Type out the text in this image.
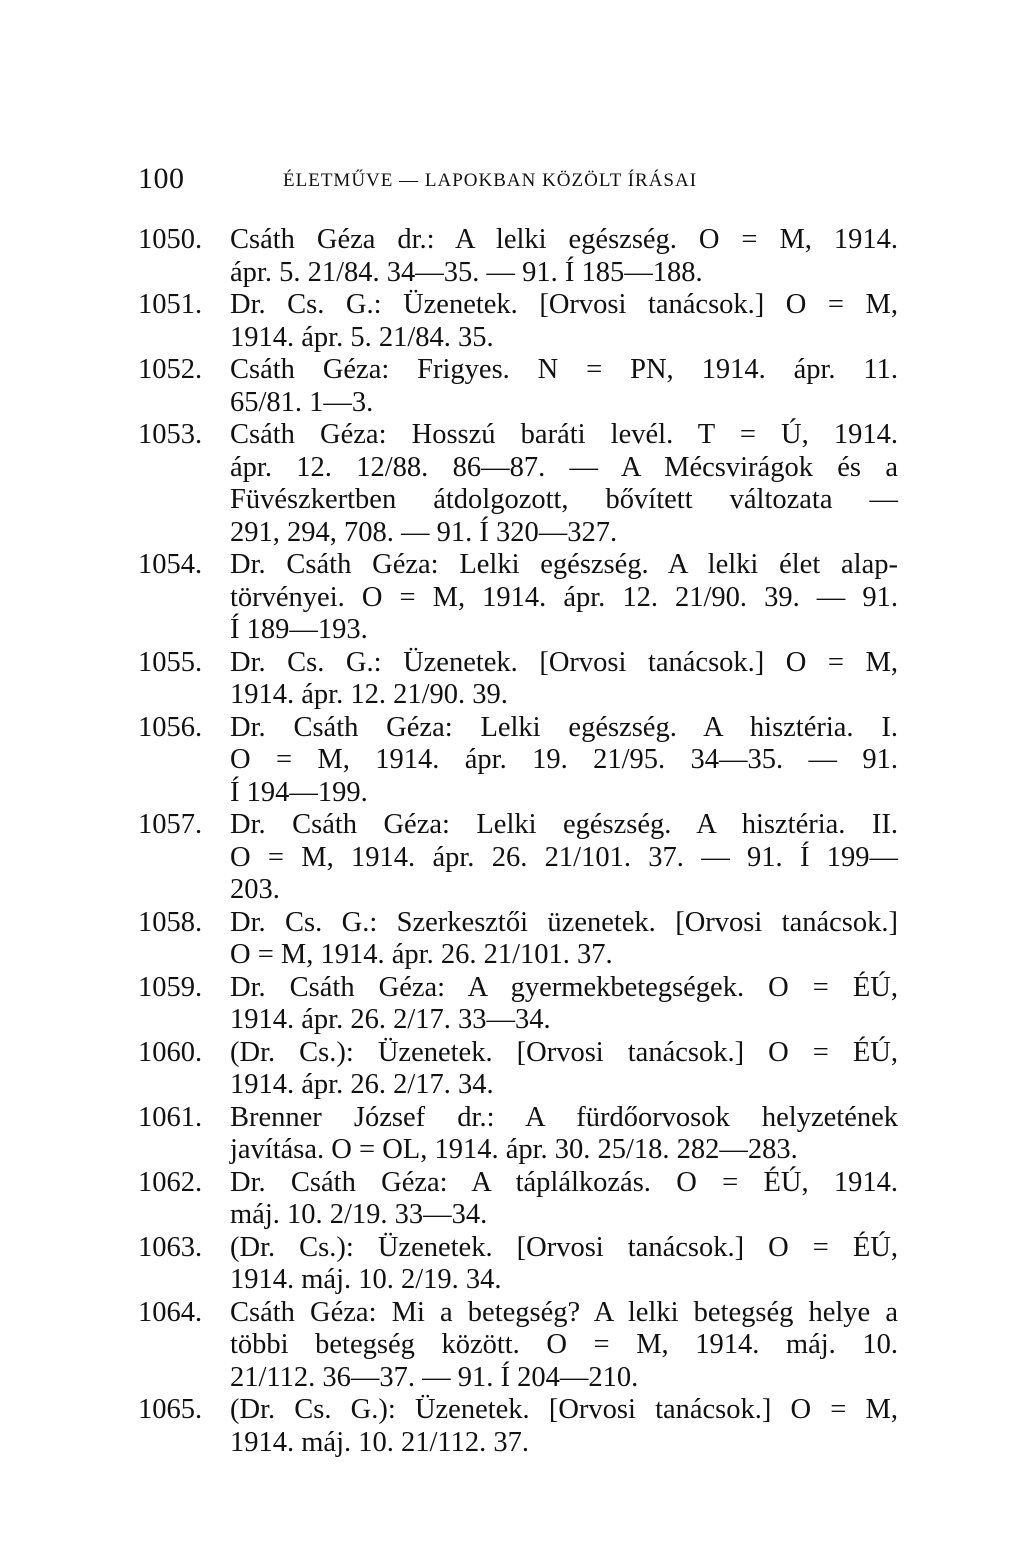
100	ÉLETMŰVE — LAPOKBAN KÖZÖLT ÍRÁSAI
1050. Csáth Géza dr.: A lelki egészség. O = M, 1914.
ápr. 5. 21/84. 34—35. — 91. Í 185—188.
1051. Dr. Cs. G.: Üzenetek. [Orvosi tanácsok.] O = M,
1914. ápr. 5. 21/84. 35.
1052. Csáth Géza: Frigyes. N = PN, 1914. ápr. 11.
65/81. 1—3.
1053. Csáth Géza: Hosszú baráti levél. T = Ú, 1914.
ápr. 12. 12/88. 86—87. — A Mécsvirágok és a
Füvészkertben átdolgozott, bővített változata —
291, 294, 708. — 91. Í 320—327.
1054. Dr. Csáth Géza: Lelki egészség. A lelki élet alap-
törvényei. O = M, 1914. ápr. 12. 21/90. 39. — 91.
Í 189—193.
1055. Dr. Cs. G.: Üzenetek. [Orvosi tanácsok.] O = M,
1914. ápr. 12. 21/90. 39.
1056. Dr. Csáth Géza: Lelki egészség. A hisztéria. I.
O = M, 1914. ápr. 19. 21/95. 34—35. — 91.
Í 194—199.
1057. Dr. Csáth Géza: Lelki egészség. A hisztéria. II.
O = M, 1914. ápr. 26. 21/101. 37. — 91. Í 199—
203.
1058. Dr. Cs. G.: Szerkesztői üzenetek. [Orvosi tanácsok.]
O = M, 1914. ápr. 26. 21/101. 37.
1059. Dr. Csáth Géza: A gyermekbetegségek. O = ÉÚ,
1914. ápr. 26. 2/17. 33—34.
1060. (Dr. Cs.): Üzenetek. [Orvosi tanácsok.] O = ÉÚ,
1914. ápr. 26. 2/17. 34.
1061. Brenner József dr.: A fürdőorvosok helyzetének
javítása. O = OL, 1914. ápr. 30. 25/18. 282—283.
1062. Dr. Csáth Géza: A táplálkozás. O = ÉÚ, 1914.
máj. 10. 2/19. 33—34.
1063. (Dr. Cs.): Üzenetek. [Orvosi tanácsok.] O = ÉÚ,
1914. máj. 10. 2/19. 34.
1064. Csáth Géza: Mi a betegség? A lelki betegség helye a
többi betegség között. O = M, 1914. máj. 10.
21/112. 36—37. — 91. Í 204—210.
1065. (Dr. Cs. G.): Üzenetek. [Orvosi tanácsok.] O = M,
1914. máj. 10. 21/112. 37.
